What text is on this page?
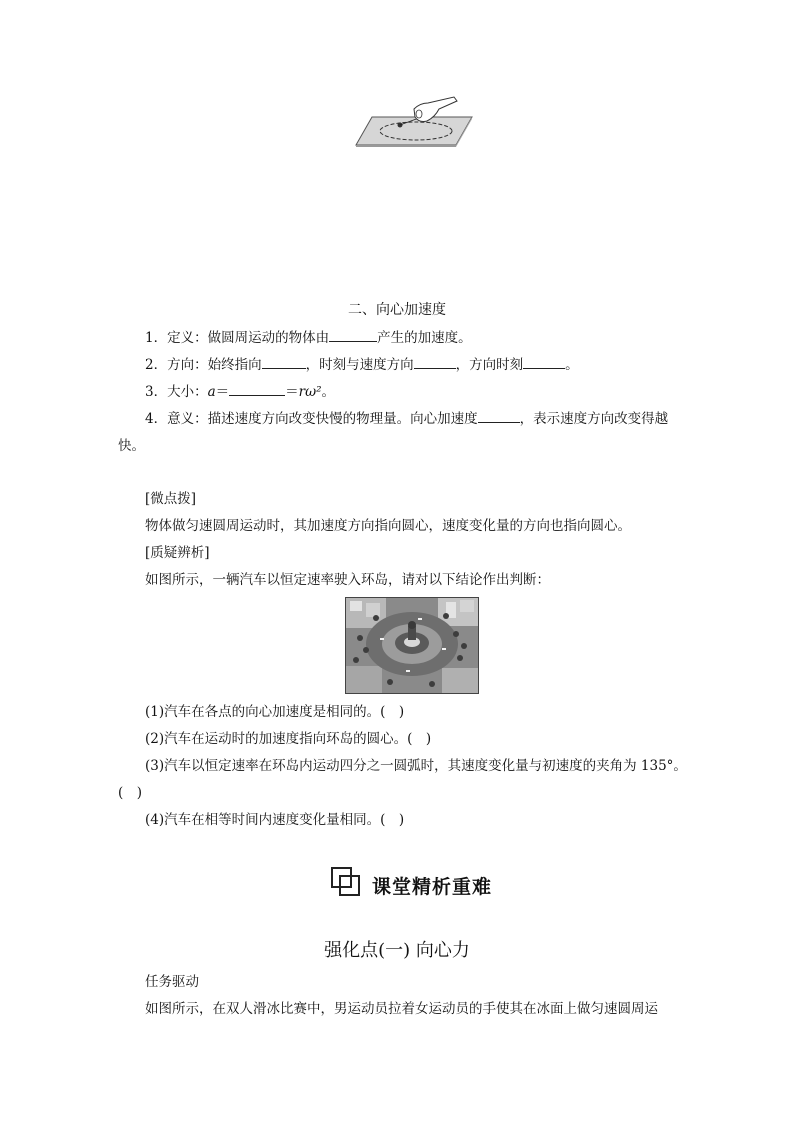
二、向心加速度
1．定义：做圆周运动的物体由	产生的加速度。
2．方向：始终指向	，时刻与速度方向	，方向时刻	。
3．大小：a＝	＝rω²。
4．意义：描述速度方向改变快慢的物理量。向心加速度	，表示速度方向改变得越
快。
[微点拨]
物体做匀速圆周运动时，其加速度方向指向圆心，速度变化量的方向也指向圆心。
[质疑辨析]
如图所示，一辆汽车以恒定速率驶入环岛，请对以下结论作出判断：
(1)汽车在各点的向心加速度是相同的。(　)
(2)汽车在运动时的加速度指向环岛的圆心。(　)
(3)汽车以恒定速率在环岛内运动四分之一圆弧时，其速度变化量与初速度的夹角为 135°。
(　)
(4)汽车在相等时间内速度变化量相同。(　)
课堂精析重难
强化点(一) 向心力
任务驱动
如图所示，在双人滑冰比赛中，男运动员拉着女运动员的手使其在冰面上做匀速圆周运
